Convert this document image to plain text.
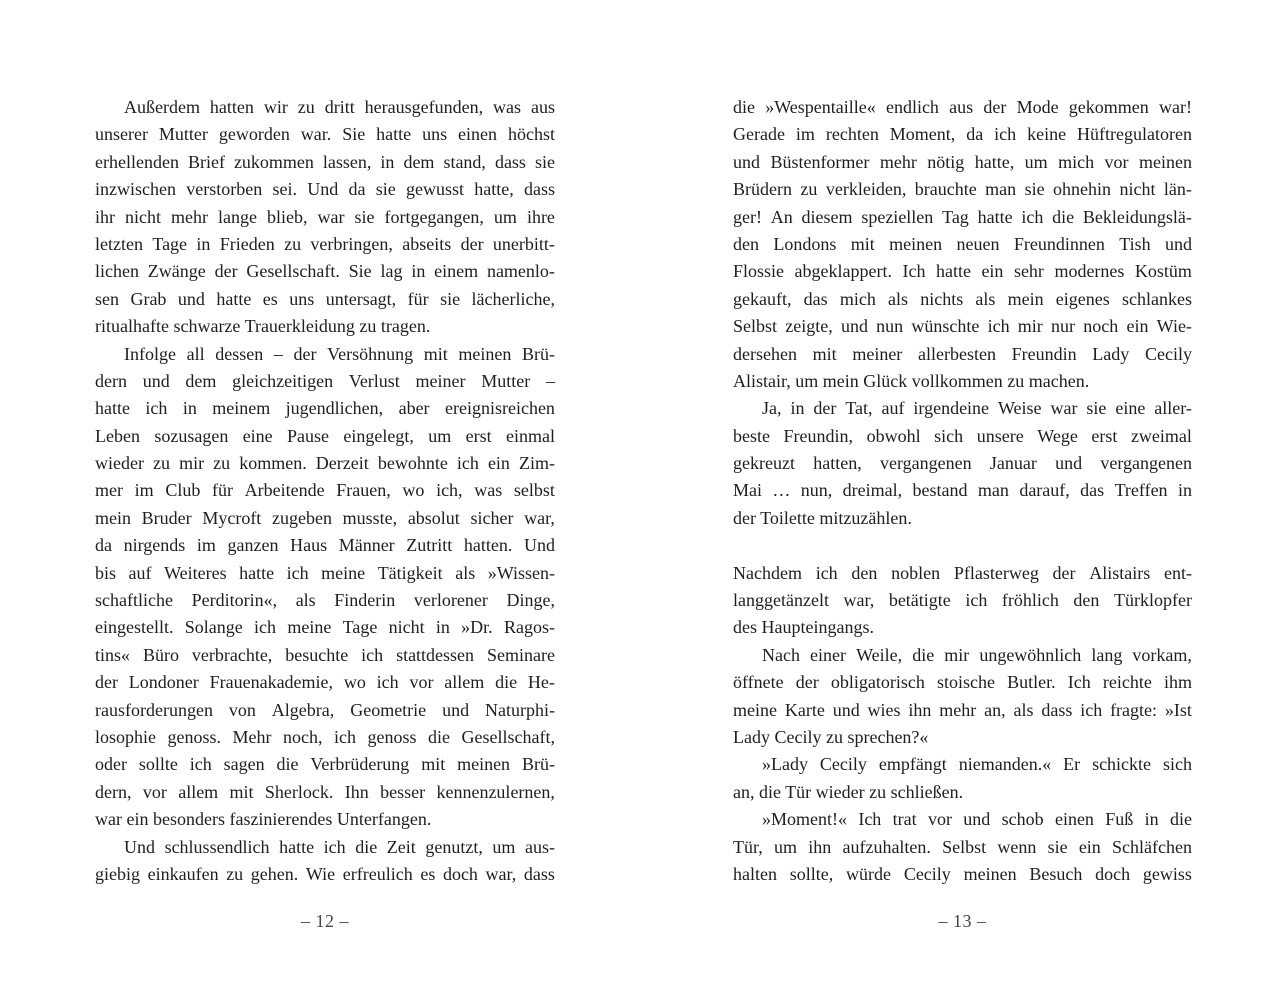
Außerdem hatten wir zu dritt herausgefunden, was aus
unserer Mutter geworden war. Sie hatte uns einen höchst
erhellenden Brief zukommen lassen, in dem stand, dass sie
inzwischen verstorben sei. Und da sie gewusst hatte, dass
ihr nicht mehr lange blieb, war sie fortgegangen, um ihre
letzten Tage in Frieden zu verbringen, abseits der unerbitt-
lichen Zwänge der Gesellschaft. Sie lag in einem namenlo-
sen Grab und hatte es uns untersagt, für sie lächerliche,
ritualhafte schwarze Trauerkleidung zu tragen.
Infolge all dessen – der Versöhnung mit meinen Brü-
dern und dem gleichzeitigen Verlust meiner Mutter –
hatte ich in meinem jugendlichen, aber ereignisreichen
Leben sozusagen eine Pause eingelegt, um erst einmal
wieder zu mir zu kommen. Derzeit bewohnte ich ein Zim-
mer im Club für Arbeitende Frauen, wo ich, was selbst
mein Bruder Mycroft zugeben musste, absolut sicher war,
da nirgends im ganzen Haus Männer Zutritt hatten. Und
bis auf Weiteres hatte ich meine Tätigkeit als »Wissen-
schaftliche Perditorin«, als Finderin verlorener Dinge,
eingestellt. Solange ich meine Tage nicht in »Dr. Ragos-
tins« Büro verbrachte, besuchte ich stattdessen Seminare
der Londoner Frauenakademie, wo ich vor allem die He-
rausforderungen von Algebra, Geometrie und Naturphi-
losophie genoss. Mehr noch, ich genoss die Gesellschaft,
oder sollte ich sagen die Verbrüderung mit meinen Brü-
dern, vor allem mit Sherlock. Ihn besser kennenzulernen,
war ein besonders faszinierendes Unterfangen.
Und schlussendlich hatte ich die Zeit genutzt, um aus-
giebig einkaufen zu gehen. Wie erfreulich es doch war, dass
– 12 –
die »Wespentaille« endlich aus der Mode gekommen war!
Gerade im rechten Moment, da ich keine Hüftregulatoren
und Büstenformer mehr nötig hatte, um mich vor meinen
Brüdern zu verkleiden, brauchte man sie ohnehin nicht län-
ger! An diesem speziellen Tag hatte ich die Bekleidungslä-
den Londons mit meinen neuen Freundinnen Tish und
Flossie abgeklappert. Ich hatte ein sehr modernes Kostüm
gekauft, das mich als nichts als mein eigenes schlankes
Selbst zeigte, und nun wünschte ich mir nur noch ein Wie-
dersehen mit meiner allerbesten Freundin Lady Cecily
Alistair, um mein Glück vollkommen zu machen.
Ja, in der Tat, auf irgendeine Weise war sie eine aller-
beste Freundin, obwohl sich unsere Wege erst zweimal
gekreuzt hatten, vergangenen Januar und vergangenen
Mai … nun, dreimal, bestand man darauf, das Treffen in
der Toilette mitzuzählen.
Nachdem ich den noblen Pflasterweg der Alistairs ent-
langgetänzelt war, betätigte ich fröhlich den Türklopfer
des Haupteingangs.
Nach einer Weile, die mir ungewöhnlich lang vorkam,
öffnete der obligatorisch stoische Butler. Ich reichte ihm
meine Karte und wies ihn mehr an, als dass ich fragte: »Ist
Lady Cecily zu sprechen?«
»Lady Cecily empfängt niemanden.« Er schickte sich
an, die Tür wieder zu schließen.
»Moment!« Ich trat vor und schob einen Fuß in die
Tür, um ihn aufzuhalten. Selbst wenn sie ein Schläfchen
halten sollte, würde Cecily meinen Besuch doch gewiss
– 13 –
